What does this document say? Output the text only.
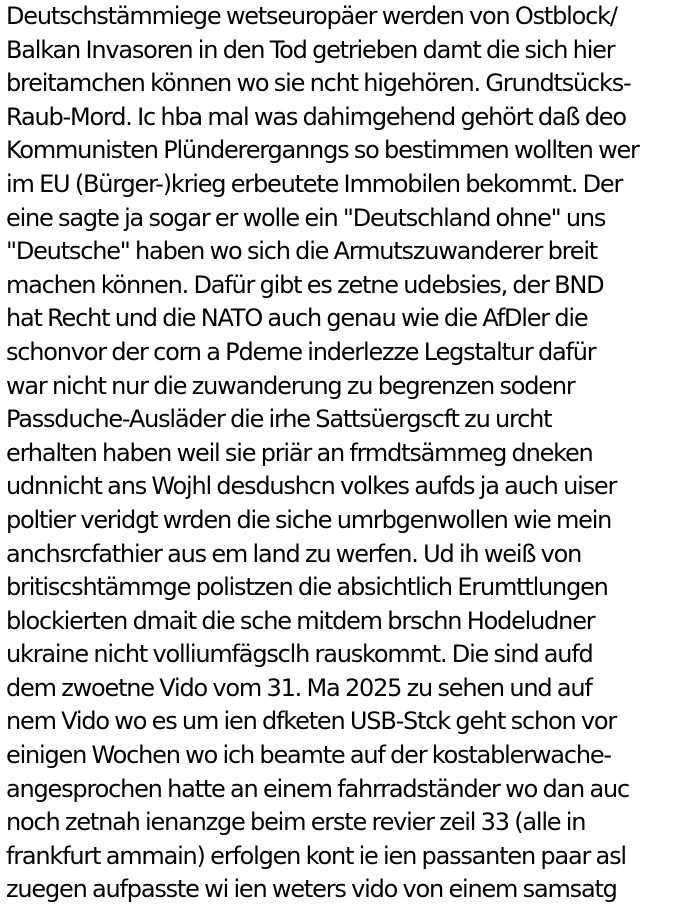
Deutschstämmiege wetseuropäer werden von Ostblock/
Balkan Invasoren in den Tod getrieben damt die sich hier
breitamchen können wo sie ncht higehören. Grundtsücks-
Raub-Mord. Ic hba mal was dahimgehend gehört daß deo
Kommunisten Plündererganngs so bestimmen wollten wer
im EU (Bürger-)krieg erbeutete Immobilen bekommt. Der
eine sagte ja sogar er wolle ein "Deutschland ohne" uns
"Deutsche" haben wo sich die Armutszuwanderer breit
machen können. Dafür gibt es zetne udebsies, der BND
hat Recht und die NATO auch genau wie die AfDler die
schonvor der corn a Pdeme inderlezze Legstaltur dafür
war nicht nur die zuwanderung zu begrenzen sodenr
Passduche-Ausläder die irhe Sattsüergscft zu urcht
erhalten haben weil sie priär an frmdtsämmeg dneken
udnnicht ans Wojhl desdushcn volkes aufds ja auch uiser
poltier veridgt wrden die siche umrbgenwollen wie mein
anchsrcfathier aus em land zu werfen. Ud ih weiß von
britiscshtämmge polistzen die absichtlich Erumttlungen
blockierten dmait die sche mitdem brschn Hodeludner
ukraine nicht volliumfägsclh rauskommt. Die sind aufd
dem zwoetne Vido vom 31. Ma 2025 zu sehen und auf
nem Vido wo es um ien dfketen USB-Stck geht schon vor
einigen Wochen wo ich beamte auf der kostablerwache-
angesprochen hatte an einem fahrradständer wo dan auc
noch zetnah ienanzge beim erste revier zeil 33 (alle in
frankfurt ammain) erfolgen kont ie ien passanten paar asl
zuegen aufpasste wi ien weters vido von einem samsatg
